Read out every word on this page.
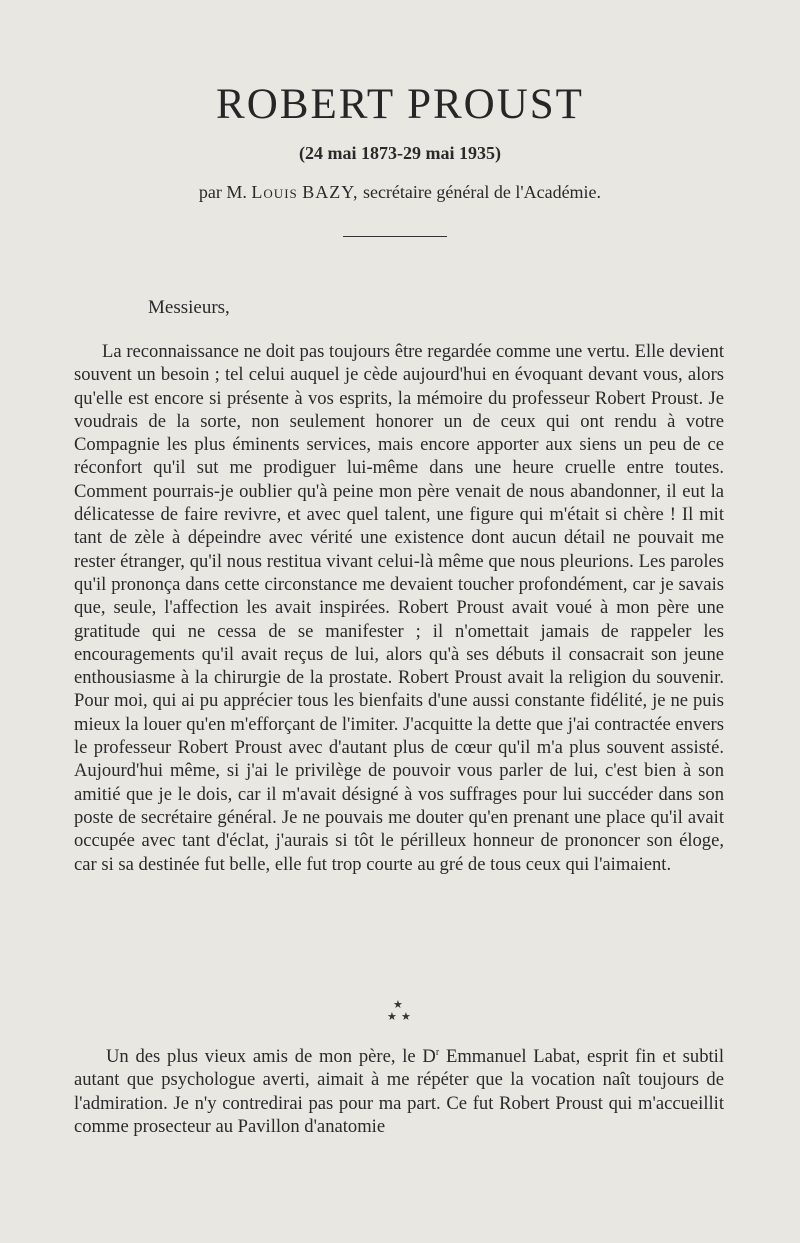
ROBERT PROUST

(24 mai 1873-29 mai 1935)

par M. Louis BAZY, secrétaire général de l'Académie.

Messieurs,

La reconnaissance ne doit pas toujours être regardée comme une vertu. Elle devient souvent un besoin ; tel celui auquel je cède aujourd'hui en évoquant devant vous, alors qu'elle est encore si présente à vos esprits, la mémoire du professeur Robert Proust. Je voudrais de la sorte, non seulement honorer un de ceux qui ont rendu à votre Compagnie les plus éminents services, mais encore apporter aux siens un peu de ce réconfort qu'il sut me prodiguer lui-même dans une heure cruelle entre toutes. Comment pourrais-je oublier qu'à peine mon père venait de nous abandonner, il eut la délicatesse de faire revivre, et avec quel talent, une figure qui m'était si chère ! Il mit tant de zèle à dépeindre avec vérité une existence dont aucun détail ne pouvait me rester étranger, qu'il nous restitua vivant celui-là même que nous pleurions. Les paroles qu'il prononça dans cette circonstance me devaient toucher profondément, car je savais que, seule, l'affection les avait inspirées. Robert Proust avait voué à mon père une gratitude qui ne cessa de se manifester ; il n'omettait jamais de rappeler les encouragements qu'il avait reçus de lui, alors qu'à ses débuts il consacrait son jeune enthousiasme à la chirurgie de la prostate. Robert Proust avait la religion du souvenir. Pour moi, qui ai pu apprécier tous les bienfaits d'une aussi constante fidélité, je ne puis mieux la louer qu'en m'efforçant de l'imiter. J'acquitte la dette que j'ai contractée envers le professeur Robert Proust avec d'autant plus de cœur qu'il m'a plus souvent assisté. Aujourd'hui même, si j'ai le privilège de pouvoir vous parler de lui, c'est bien à son amitié que je le dois, car il m'avait désigné à vos suffrages pour lui succéder dans son poste de secrétaire général. Je ne pouvais me douter qu'en prenant une place qu'il avait occupée avec tant d'éclat, j'aurais si tôt le périlleux honneur de prononcer son éloge, car si sa destinée fut belle, elle fut trop courte au gré de tous ceux qui l'aimaient.

★
★ ★

Un des plus vieux amis de mon père, le $D^r$ Emmanuel Labat, esprit fin et subtil autant que psychologue averti, aimait à me répéter que la vocation naît toujours de l'admiration. Je n'y contredirai pas pour ma part. Ce fut Robert Proust qui m'accueillit comme prosecteur au Pavillon d'anatomie
